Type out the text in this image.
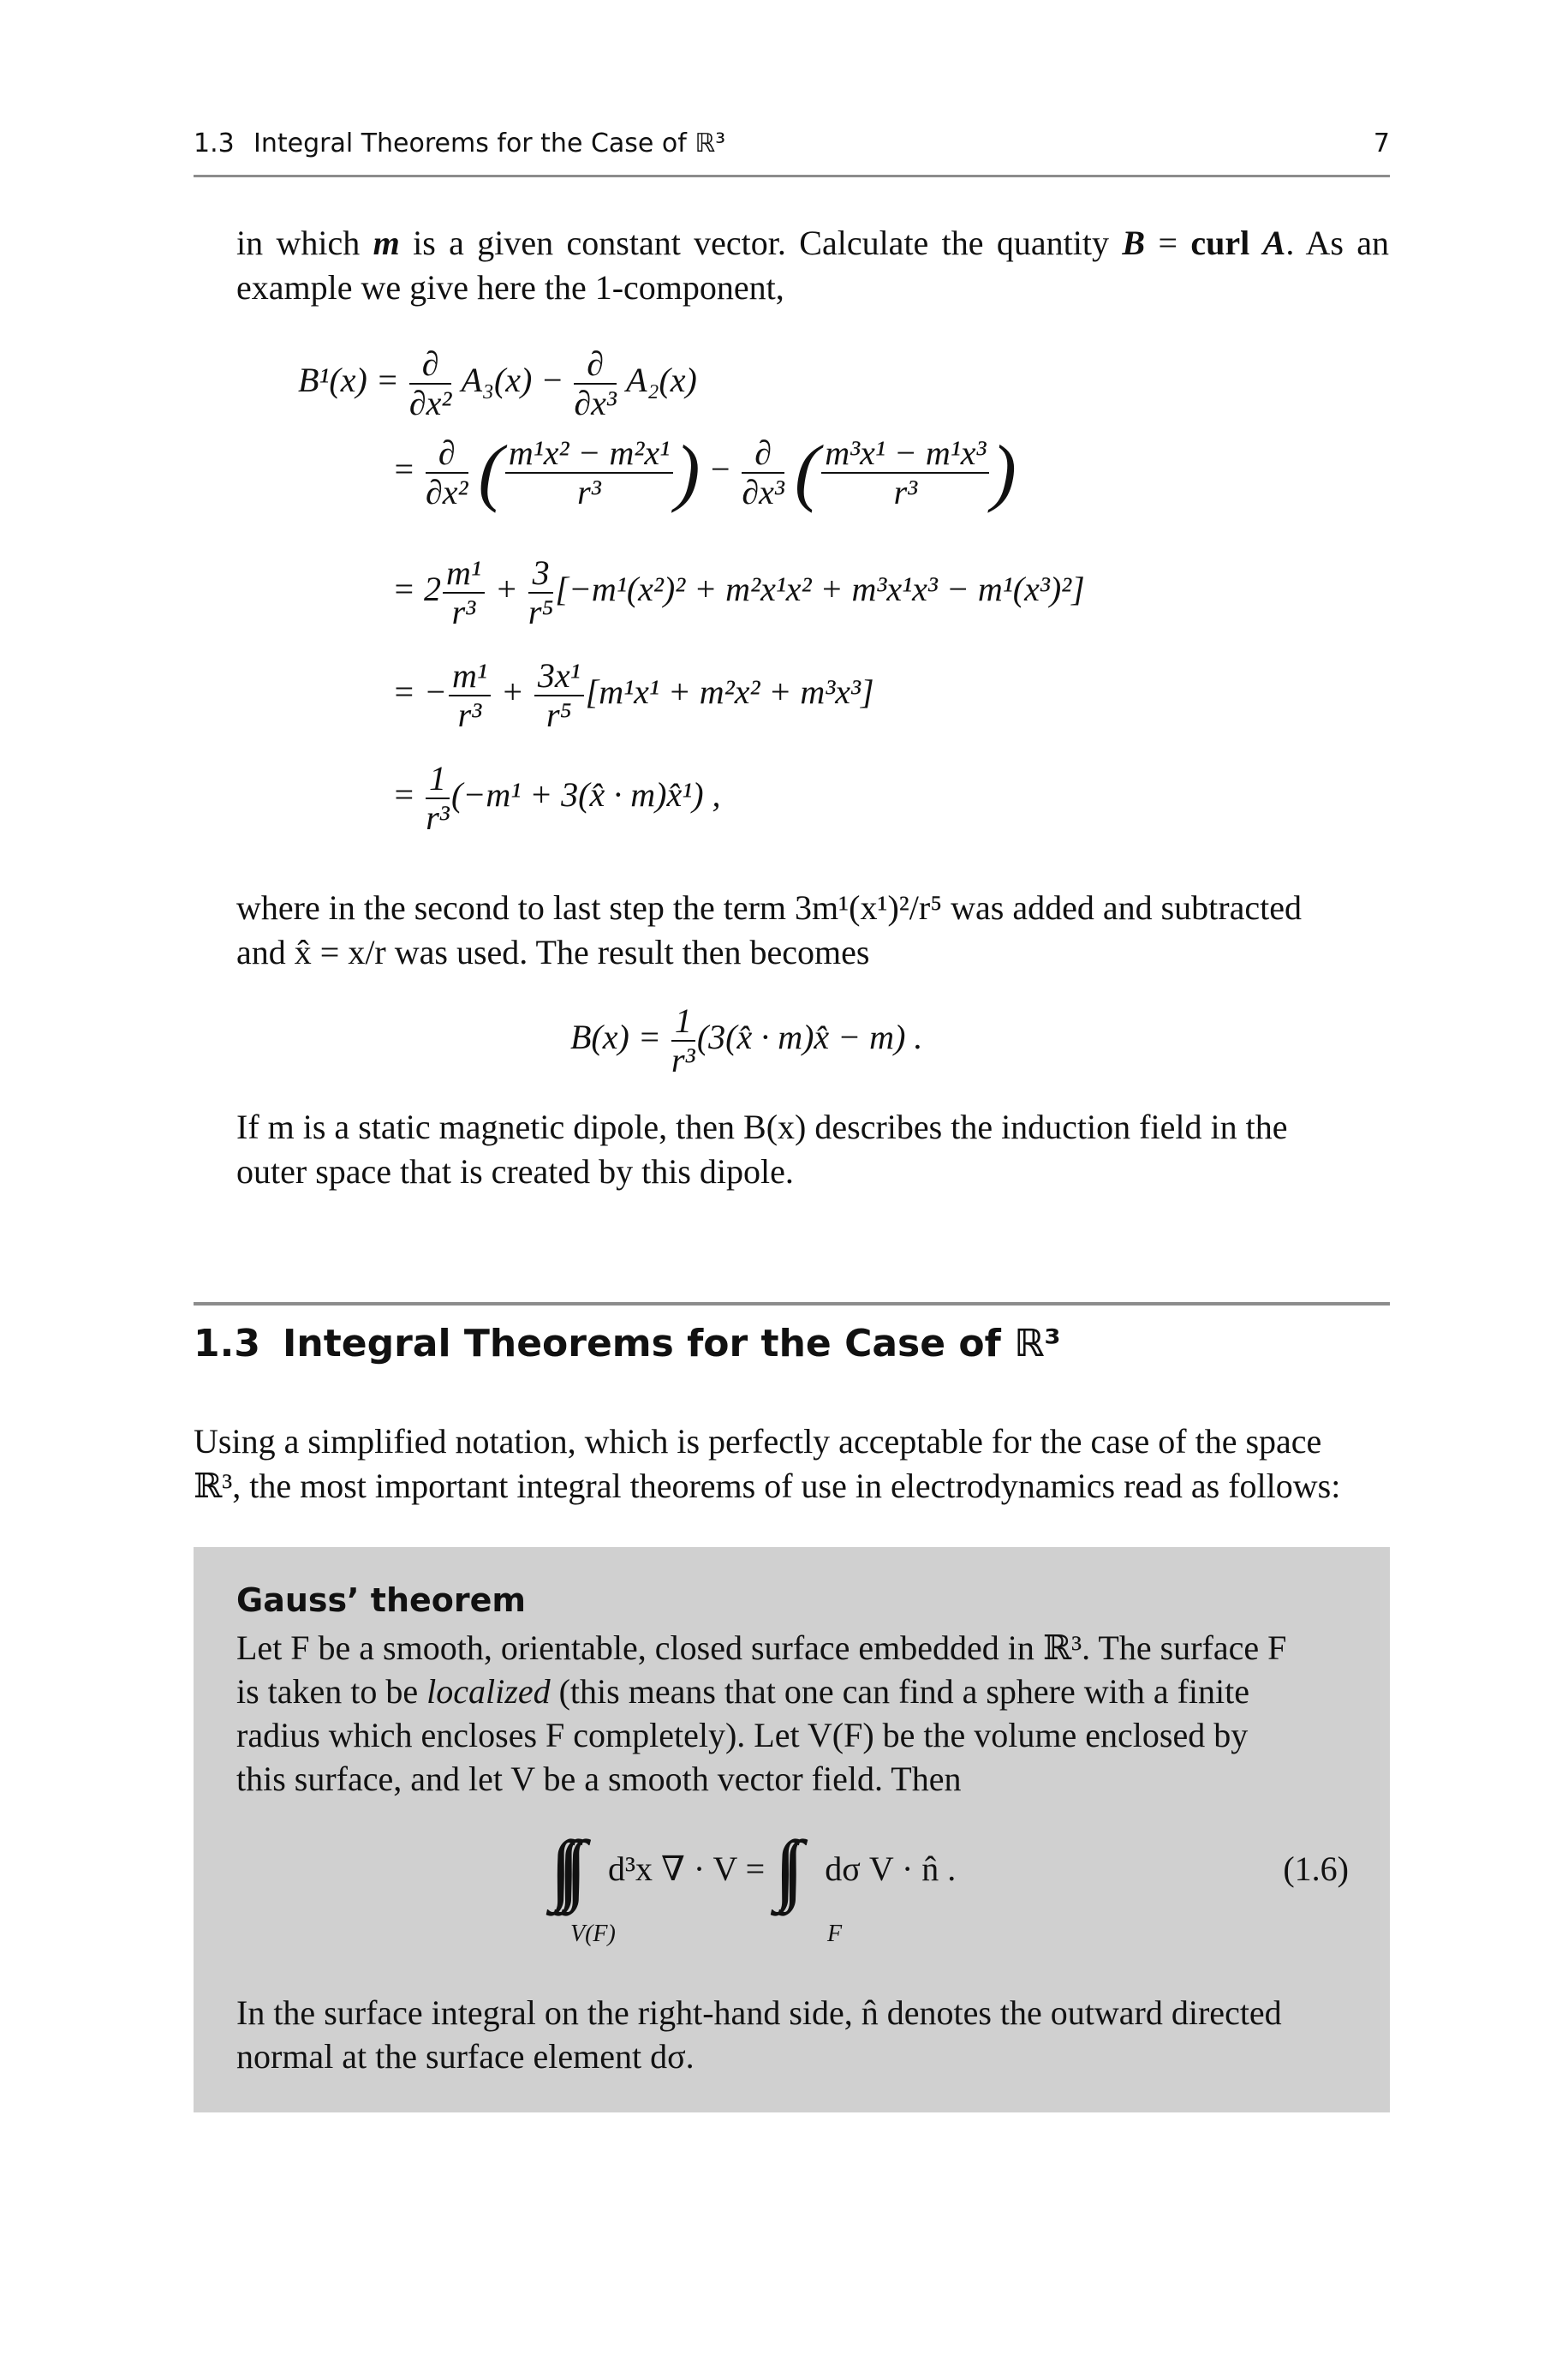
1.3 Integral Theorems for the Case of ℝ³	7

in which m is a given constant vector. Calculate the quantity B = curl A. As an example we give here the 1-component,

$B^1(x) = \frac{\partial}{\text{∂x²}} A_3(x) - \frac{\partial}{\text{∂x³}} A_2(x)$
= $\frac{\partial}{\text{∂x²}}$ ( $\frac{\text{m¹x² − m²x¹}}{\text{r³}}$ ) − $\frac{\partial}{\text{∂x³}}$ ( $\frac{\text{m³x¹ − m¹x³}}{\text{r³}}$ )
= $2 \frac{\text{m¹}}{\text{r³}} + \frac{3}{\text{r⁵}} [-m^1(x^2)^2 + m^2x^1x^2 + m^3x^1x^3 - m^1(x^3)^2]$
= − $\frac{\text{m¹}}{\text{r³}} + \frac{\text{3x¹}}{\text{r⁵}} [m^1x^1 + m^2x^2 + m^3x^3]$
= $\frac{1}{\text{r³}} (-m^1$ + 3(x̂ · m)x̂¹) ,

where in the second to last step the term 3m¹(x¹)²/r⁵ was added and subtracted

and x̂ = x/r was used. The result then becomes

$B(x) = \frac{1}{\text{r³}}$ (3(x̂ · m)x̂ − m) .

If m is a static magnetic dipole, then B(x) describes the induction field in the

outer space that is created by this dipole.

1.3 Integral Theorems for the Case of ℝ³

Using a simplified notation, which is perfectly acceptable for the case of the space

ℝ³, the most important integral theorems of use in electrodynamics read as follows:

Gauss’ theorem
Let F be a smooth, orientable, closed surface embedded in ℝ³. The surface F
is taken to be localized (this means that one can find a sphere with a finite
radius which encloses F completely). Let V(F) be the volume enclosed by
this surface, and let V be a smooth vector field. Then
d³x ∇ · V = dσ V · n̂ .
V(F)	F
(1.6)
In the surface integral on the right-hand side, n̂ denotes the outward directed
normal at the surface element dσ.
